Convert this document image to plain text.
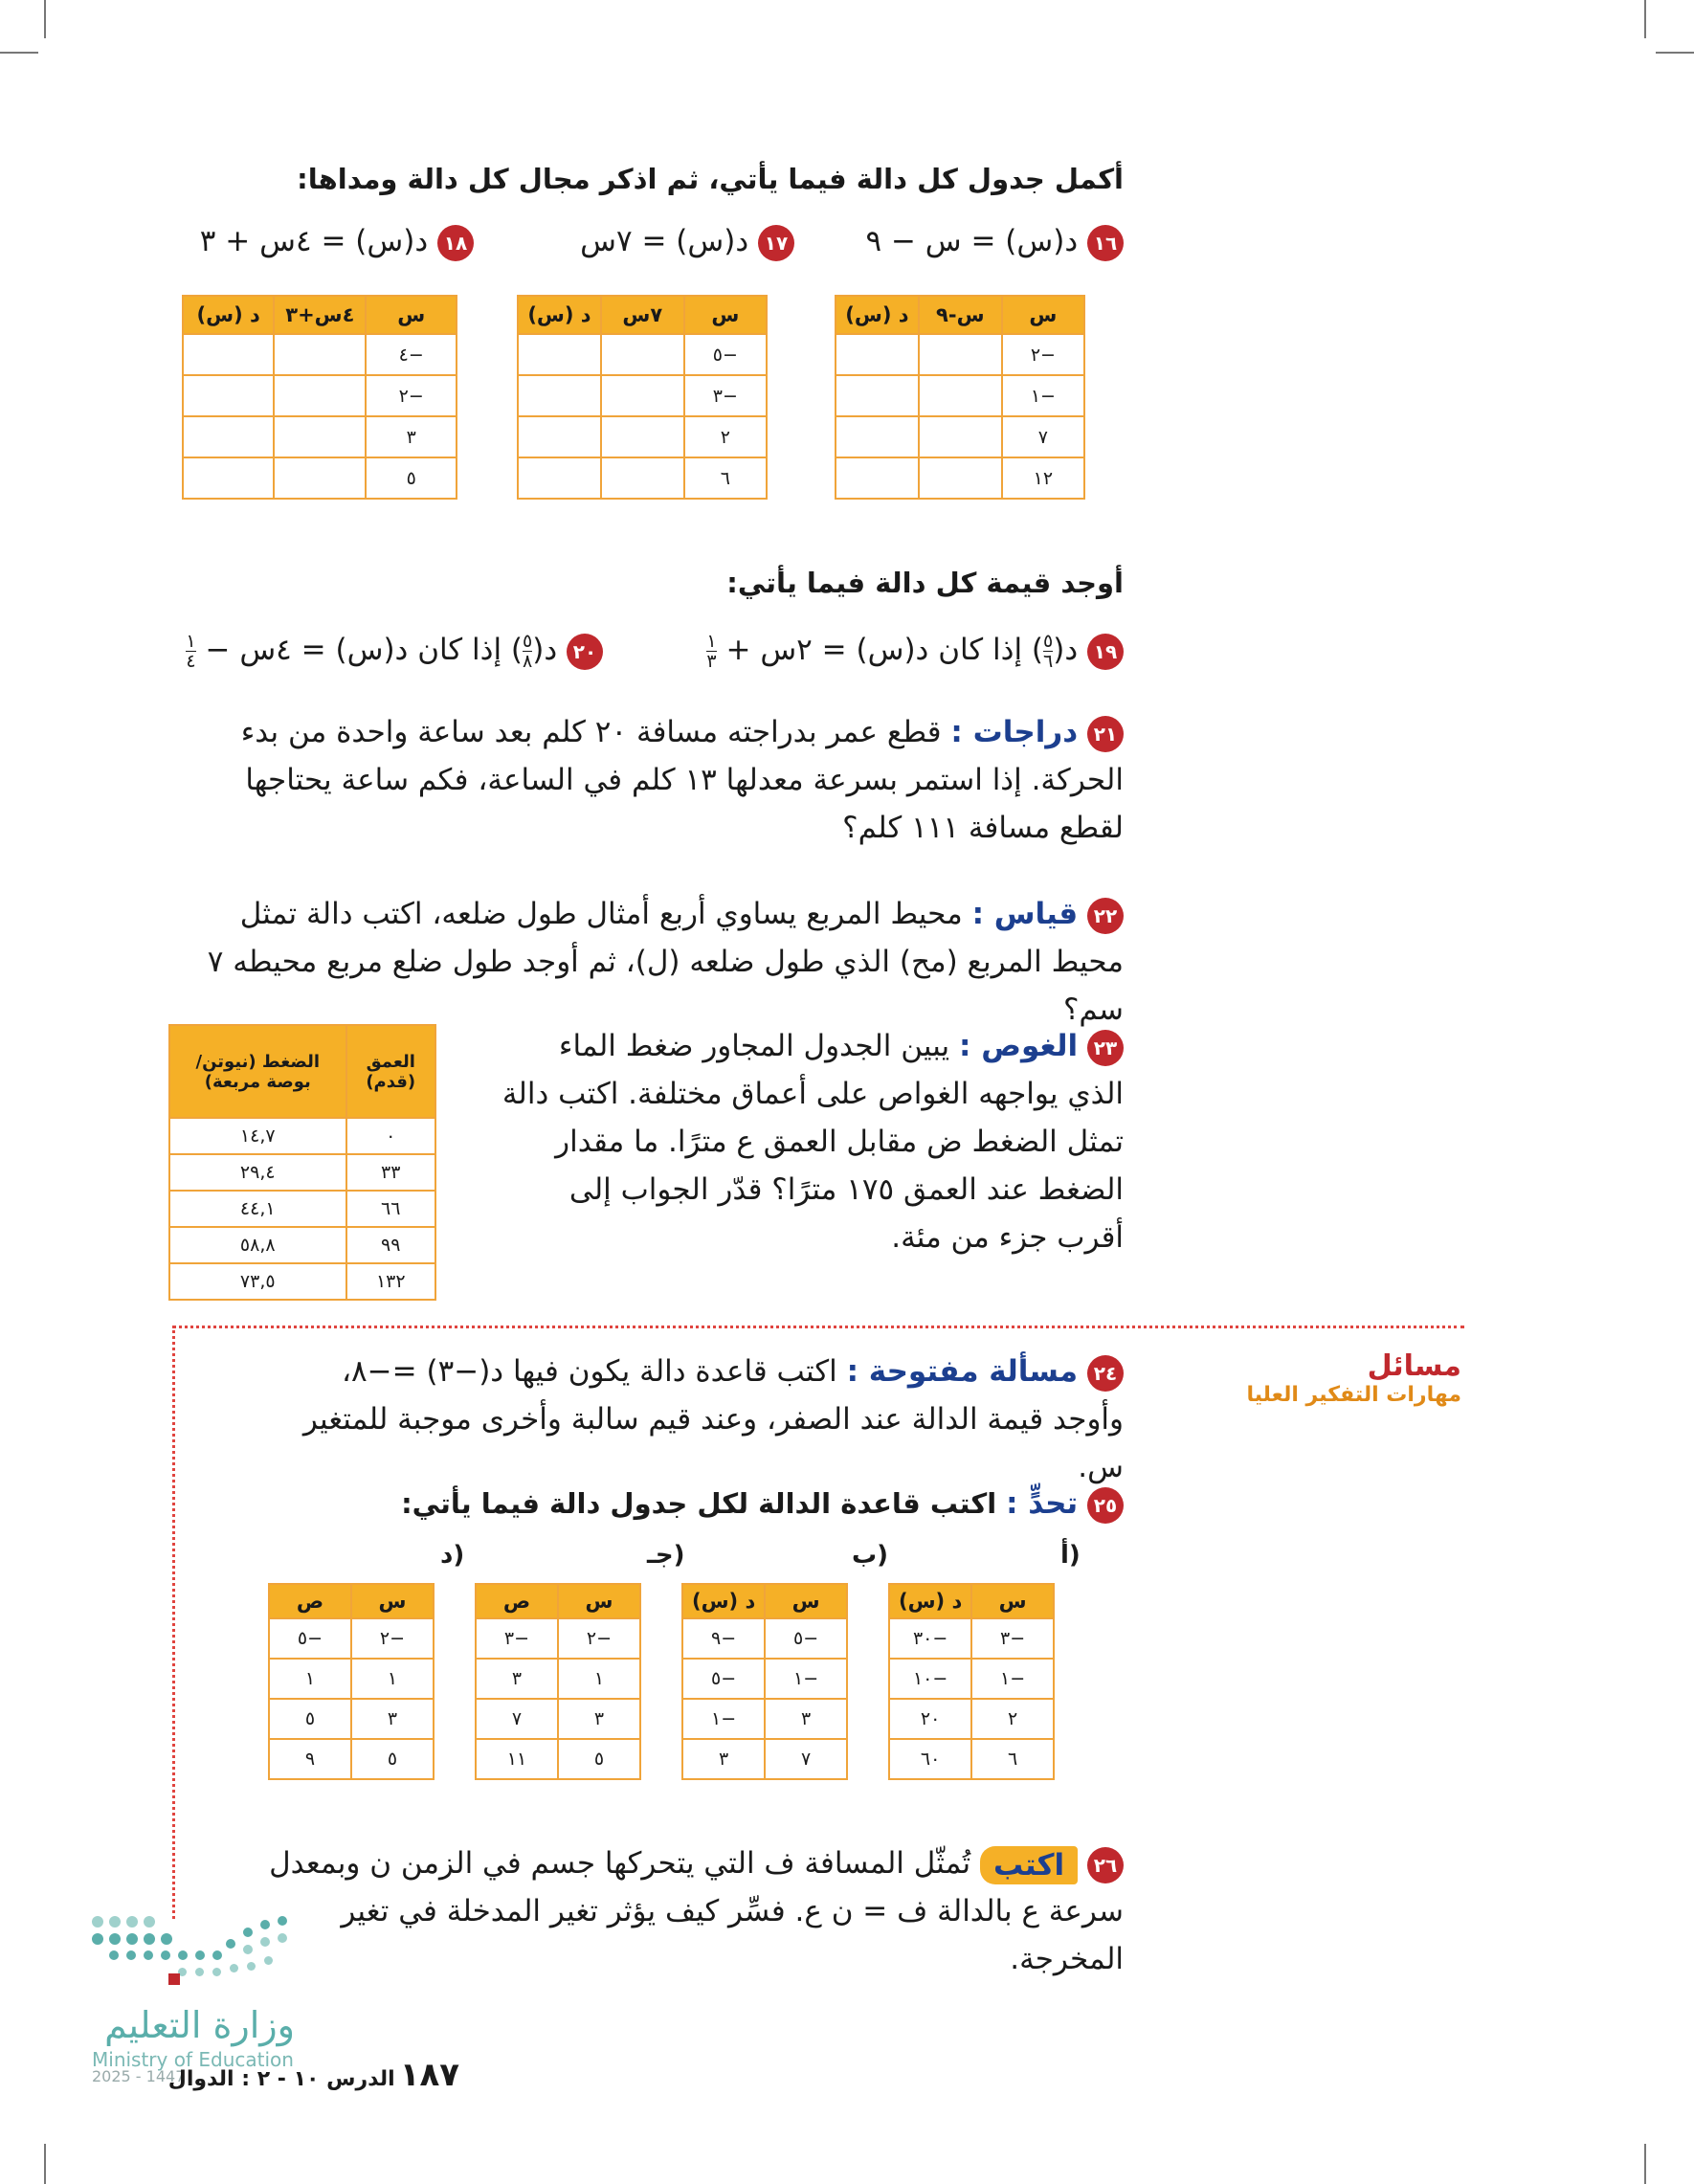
أكمل جدول كل دالة فيما يأتي، ثم اذكر مجال كل دالة ومداها:
١٦ د(س) = س − ٩
١٧ د(س) = ٧س
١٨ د(س) = ٤س + ٣
س	س-٩	د (س)
−٢		
−١		
٧		
١٢		
س	٧س	د (س)
−٥		
−٣		
٢		
٦		
س	٤س+٣	د (س)
−٤		
−٢		
٣		
٥		
أوجد قيمة كل دالة فيما يأتي:
١٩ د(
$\frac{٥}{٦}$
) إذا كان د(س) = ٢س +
$\frac{١}{٣}$
٢٠ د(
$\frac{٥}{٨}$
) إذا كان د(س) = ٤س −
$\frac{١}{٤}$
٢١ دراجات : قطع عمر بدراجته مسافة ٢٠ كلم بعد ساعة واحدة من بدء الحركة. إذا استمر بسرعة معدلها ١٣ كلم في الساعة، فكم ساعة يحتاجها لقطع مسافة ١١١ كلم؟
٢٢ قياس : محيط المربع يساوي أربع أمثال طول ضلعه، اكتب دالة تمثل محيط المربع (مح) الذي طول ضلعه (ل)، ثم أوجد طول ضلع مربع محيطه ٧ سم؟
٢٣ الغوص : يبين الجدول المجاور ضغط الماء الذي يواجهه الغواص على أعماق مختلفة. اكتب دالة تمثل الضغط ض مقابل العمق ع مترًا. ما مقدار الضغط عند العمق ١٧٥ مترًا؟ قدّر الجواب إلى أقرب جزء من مئة.
العمق (قدم)	الضغط (نيوتن/بوصة مربعة)
٠	١٤,٧
٣٣	٢٩,٤
٦٦	٤٤,١
٩٩	٥٨,٨
١٣٢	٧٣,٥
مسائل
مهارات التفكير العليا
٢٤ مسألة مفتوحة : اكتب قاعدة دالة يكون فيها د(−٣) =−٨، وأوجد قيمة الدالة عند الصفر، وعند قيم سالبة وأخرى موجبة للمتغير س.
٢٥ تحدٍّ : اكتب قاعدة الدالة لكل جدول دالة فيما يأتي:
أ)
ب)
جـ)
د)
س	د (س)
−٣	−٣٠
−١	−١٠
٢	٢٠
٦	٦٠
س	د (س)
−٥	−٩
−١	−٥
٣	−١
٧	٣
س	ص
−٢	−٣
١	٣
٣	٧
٥	١١
س	ص
−٢	−٥
١	١
٣	٥
٥	٩
٢٦ اكتب تُمثّل المسافة ف التي يتحركها جسم في الزمن ن وبمعدل سرعة ع بالدالة ف = ن ع. فسِّر كيف يؤثر تغير المدخلة في تغير المخرجة.
وزارة التعليم
Ministry of Education
2025 - 1447	١٨٧ الدرس ١٠ - ٢ : الدوال
